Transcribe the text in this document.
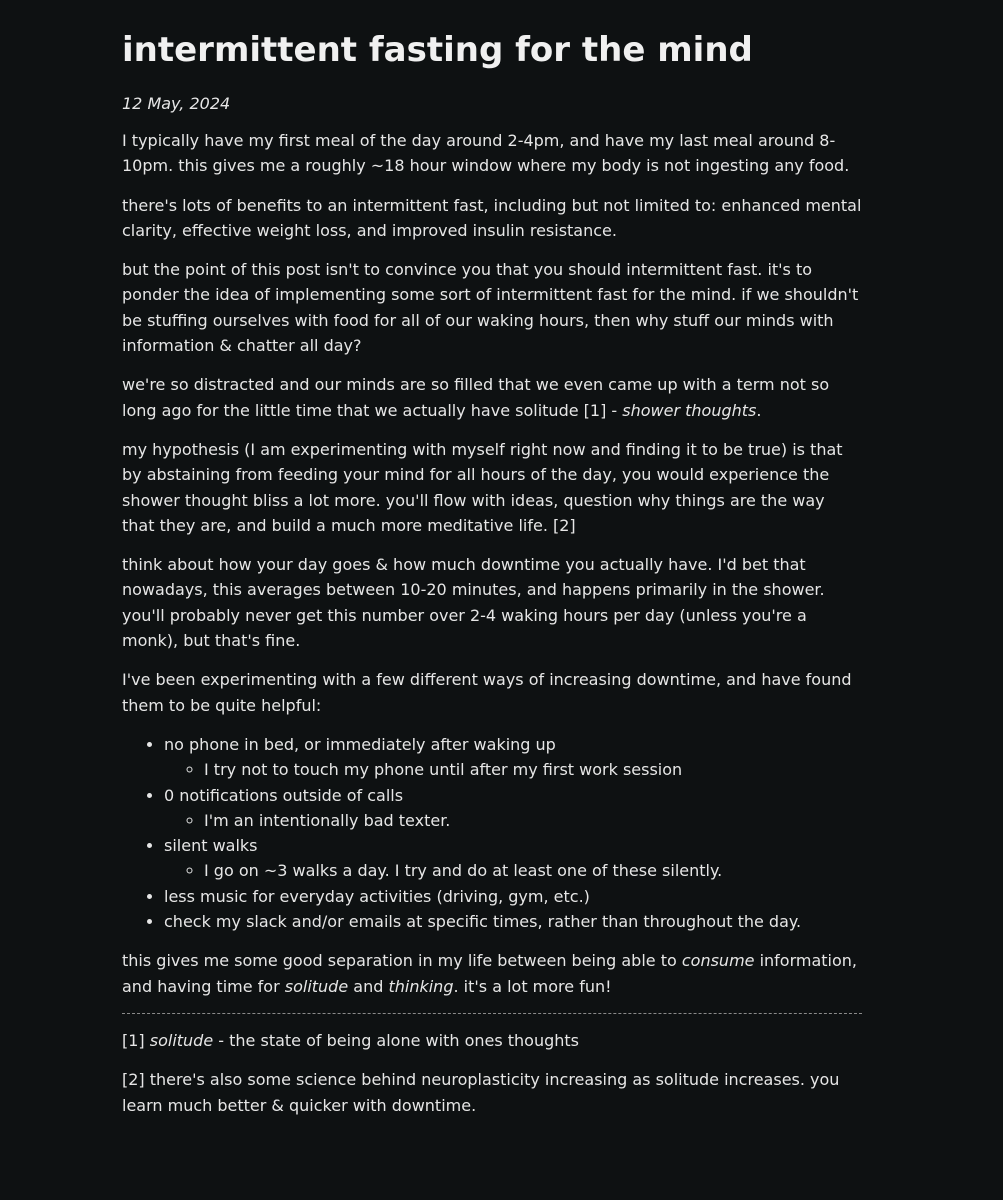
intermittent fasting for the mind
12 May, 2024

I typically have my first meal of the day around 2-4pm, and have my last meal around 8-10pm. this gives me a roughly ~18 hour window where my body is not ingesting any food.

there's lots of benefits to an intermittent fast, including but not limited to: enhanced mental clarity, effective weight loss, and improved insulin resistance.

but the point of this post isn't to convince you that you should intermittent fast. it's to ponder the idea of implementing some sort of intermittent fast for the mind. if we shouldn't be stuffing ourselves with food for all of our waking hours, then why stuff our minds with information & chatter all day?

we're so distracted and our minds are so filled that we even came up with a term not so long ago for the little time that we actually have solitude [1] - shower thoughts.

my hypothesis (I am experimenting with myself right now and finding it to be true) is that by abstaining from feeding your mind for all hours of the day, you would experience the shower thought bliss a lot more. you'll flow with ideas, question why things are the way that they are, and build a much more meditative life. [2]

think about how your day goes & how much downtime you actually have. I'd bet that nowadays, this averages between 10-20 minutes, and happens primarily in the shower. you'll probably never get this number over 2-4 waking hours per day (unless you're a monk), but that's fine.

I've been experimenting with a few different ways of increasing downtime, and have found them to be quite helpful:

• no phone in bed, or immediately after waking up
◦ I try not to touch my phone until after my first work session
• 0 notifications outside of calls
◦ I'm an intentionally bad texter.
• silent walks
◦ I go on ~3 walks a day. I try and do at least one of these silently.
• less music for everyday activities (driving, gym, etc.)
• check my slack and/or emails at specific times, rather than throughout the day.

this gives me some good separation in my life between being able to consume information, and having time for solitude and thinking. it's a lot more fun!

[1] solitude - the state of being alone with ones thoughts

[2] there's also some science behind neuroplasticity increasing as solitude increases. you learn much better & quicker with downtime.
